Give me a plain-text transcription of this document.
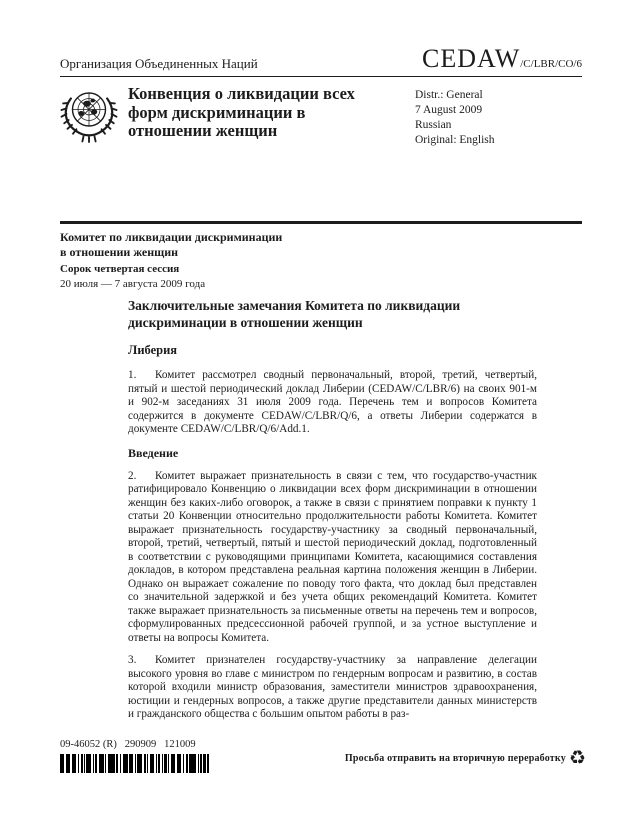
Организация Объединенных Наций	CEDAW /C/LBR/CO/6
Конвенция о ликвидации всех форм дискриминации в отношении женщин
Distr.: General
7 August 2009
Russian
Original: English
Комитет по ликвидации дискриминации
в отношении женщин
Сорок четвертая сессия
20 июля — 7 августа 2009 года
Заключительные замечания Комитета по ликвидации дискриминации в отношении женщин
Либерия
1. Комитет рассмотрел сводный первоначальный, второй, третий, четвертый, пятый и шестой периодический доклад Либерии (CEDAW/C/LBR/6) на своих 901-м и 902-м заседаниях 31 июля 2009 года. Перечень тем и вопросов Комитета содержится в документе CEDAW/C/LBR/Q/6, а ответы Либерии содержатся в документе CEDAW/C/LBR/Q/6/Add.1.
Введение
2. Комитет выражает признательность в связи с тем, что государство-участник ратифицировало Конвенцию о ликвидации всех форм дискриминации в отношении женщин без каких-либо оговорок, а также в связи с принятием поправки к пункту 1 статьи 20 Конвенции относительно продолжительности работы Комитета. Комитет выражает признательность государству-участнику за сводный первоначальный, второй, третий, четвертый, пятый и шестой периодический доклад, подготовленный в соответствии с руководящими принципами Комитета, касающимися составления докладов, в котором представлена реальная картина положения женщин в Либерии. Однако он выражает сожаление по поводу того факта, что доклад был представлен со значительной задержкой и без учета общих рекомендаций Комитета. Комитет также выражает признательность за письменные ответы на перечень тем и вопросов, сформулированных предсессионной рабочей группой, и за устное выступление и ответы на вопросы Комитета.
3. Комитет признателен государству-участнику за направление делегации высокого уровня во главе с министром по гендерным вопросам и развитию, в состав которой входили министр образования, заместители министров здравоохранения, юстиции и гендерных вопросов, а также другие представители данных министерств и гражданского общества с большим опытом работы в раз-
09-46052 (R)   290909   121009
Просьба отправить на вторичную переработку ♻
